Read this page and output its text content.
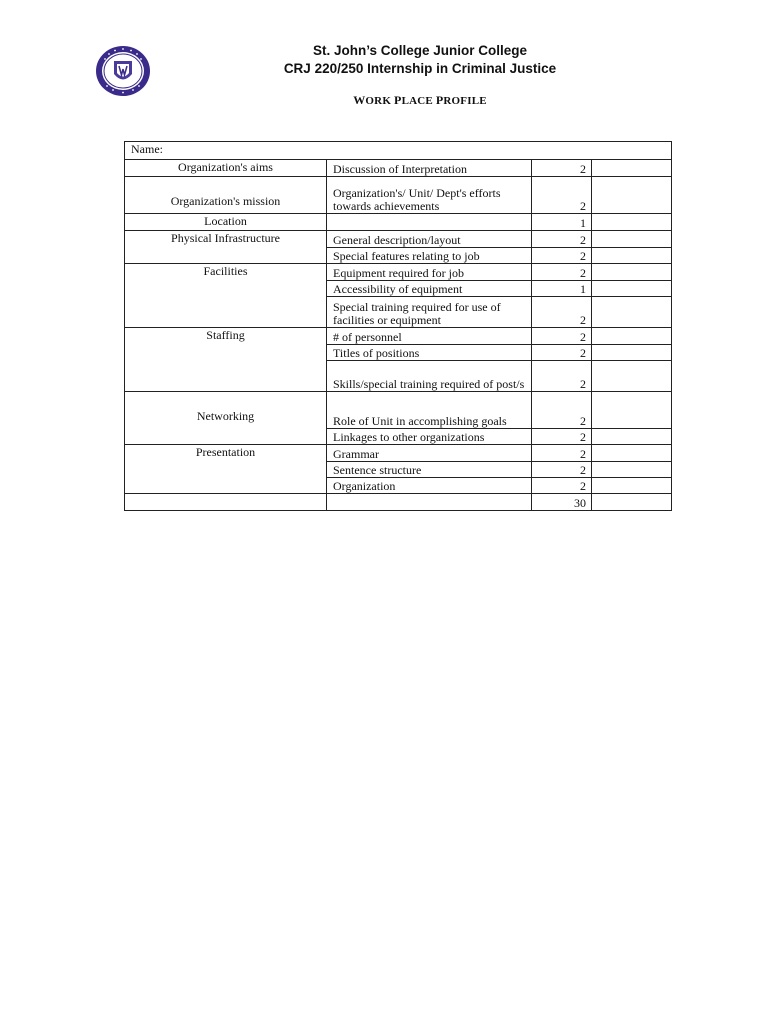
St. John’s College Junior College
CRJ 220/250 Internship in Criminal Justice
WORK PLACE PROFILE
Name:			
Organization's aims	Discussion of Interpretation	2	
Organization's mission	Organization's/ Unit/ Dept's efforts towards achievements	2	
Location		1	
Physical Infrastructure	General description/layout	2	
	Special features relating to job	2	
Facilities	Equipment required for job	2	
	Accessibility of equipment	1	
	Special training required for use of facilities or equipment	2	
Staffing	# of personnel	2	
	Titles of positions	2	
	Skills/special training required of post/s	2	
Networking	Role of Unit in accomplishing goals	2	
	Linkages to other organizations	2	
Presentation	Grammar	2	
	Sentence structure	2	
	Organization	2	
		30	
